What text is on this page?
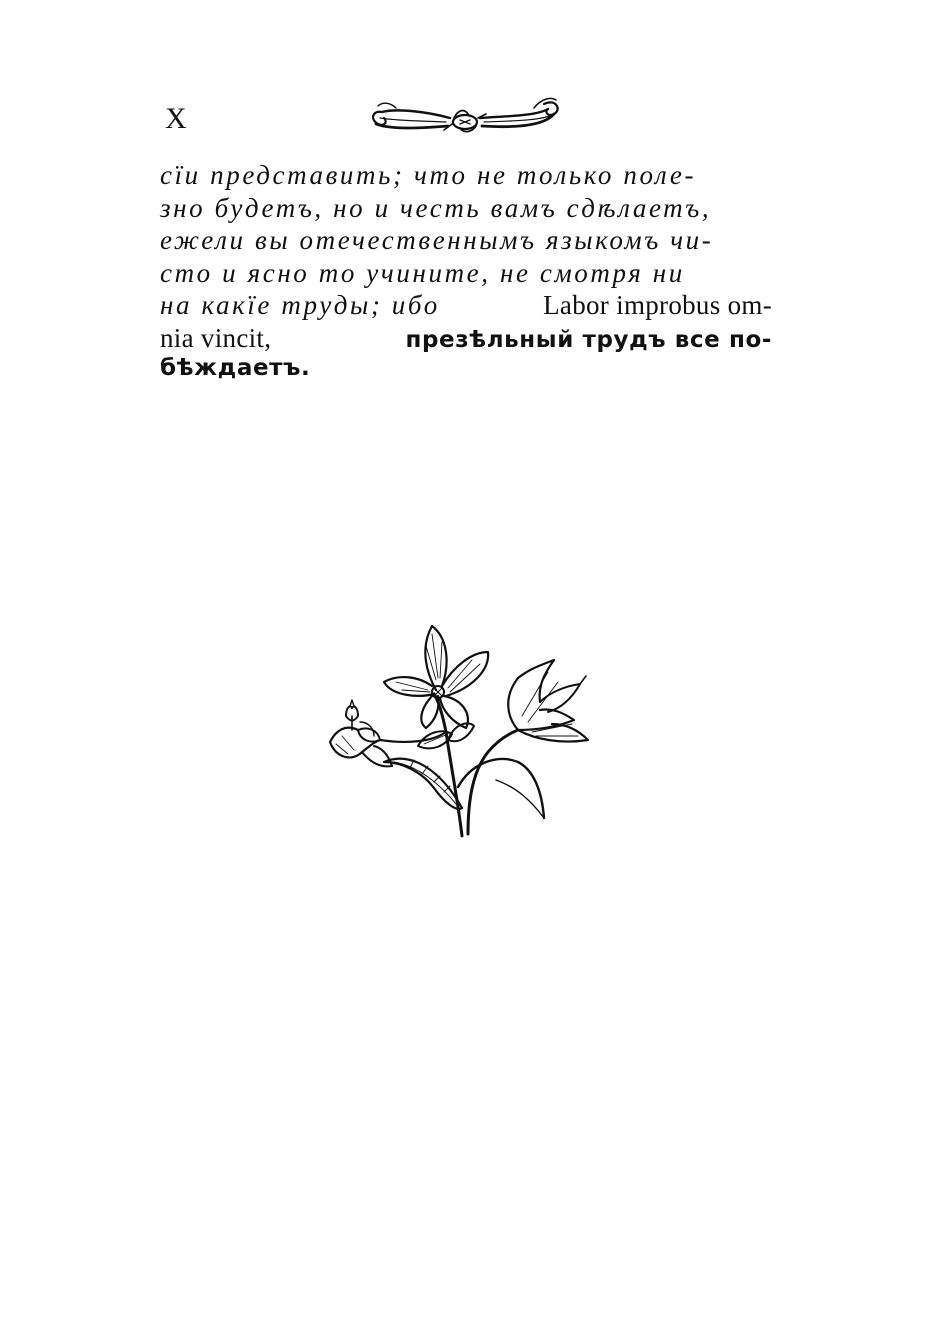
X
сїи представить; что не только поле-
зно будетъ, но и честь вамъ сдѣлаетъ,
ежели вы отечественнымъ языкомъ чи-
сто и ясно то учините, не смотря ни
на какїе труды; ибо	Labor improbus om-
nia vincit,	презѣльный трудъ все по-
бѣждаетъ.
